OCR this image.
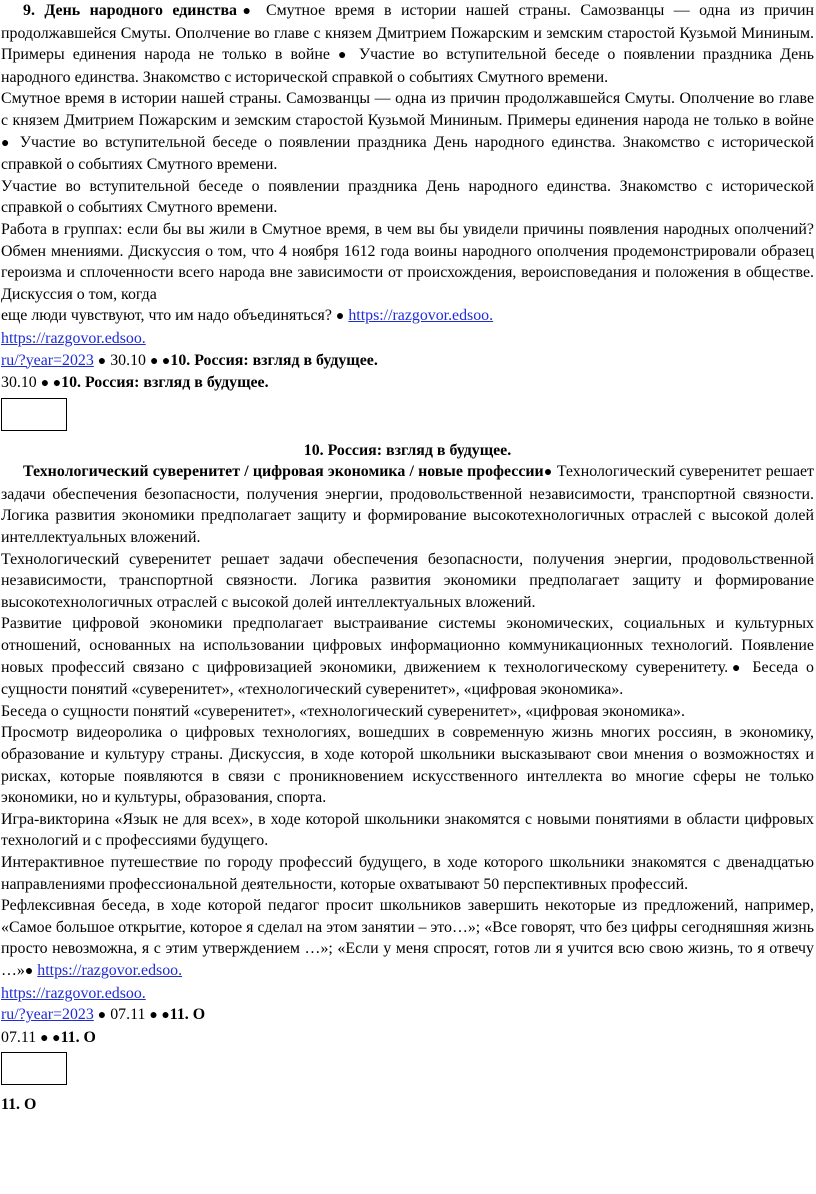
9. День народного единства● Смутное время в истории нашей страны. Самозванцы — одна из причин продолжавшейся Смуты. Ополчение во главе с князем Дмитрием Пожарским и земским старостой Кузьмой Мининым. Примеры единения народа не только в войне ● Участие во вступительной беседе о появлении праздника День народного единства. Знакомство с исторической справкой о событиях Смутного времени.

Смутное время в истории нашей страны. Самозванцы — одна из причин продолжавшейся Смуты. Ополчение во главе с князем Дмитрием Пожарским и земским старостой Кузьмой Мининым. Примеры единения народа не только в войне ● Участие во вступительной беседе о появлении праздника День народного единства. Знакомство с исторической справкой о событиях Смутного времени.

Участие во вступительной беседе о появлении праздника День народного единства. Знакомство с исторической справкой о событиях Смутного времени.

Работа в группах: если бы вы жили в Смутное время, в чем вы бы увидели причины появления народных ополчений? Обмен мнениями. Дискуссия о том, что 4 ноября 1612 года воины народного ополчения продемонстрировали образец героизма и сплоченности всего народа вне зависимости от происхождения, вероисповедания и положения в обществе. Дискуссия о том, когда

еще люди чувствуют, что им надо объединяться? ● https://razgovor.edsoo.

https://razgovor.edsoo.

ru/?year=2023 ● 30.10 ● ●10. Россия: взгляд в будущее.

30.10 ● ●10. Россия: взгляд в будущее.

10. Россия: взгляд в будущее.

Технологический суверенитет / цифровая экономика / новые профессии● Технологический суверенитет решает задачи обеспечения безопасности, получения энергии, продовольственной независимости, транспортной связности. Логика развития экономики предполагает защиту и формирование высокотехнологичных отраслей с высокой долей интеллектуальных вложений.

Технологический суверенитет решает задачи обеспечения безопасности, получения энергии, продовольственной независимости, транспортной связности. Логика развития экономики предполагает защиту и формирование высокотехнологичных отраслей с высокой долей интеллектуальных вложений.

Развитие цифровой экономики предполагает выстраивание системы экономических, социальных и культурных отношений, основанных на использовании цифровых информационно коммуникационных технологий. Появление новых профессий связано с цифровизацией экономики, движением к технологическому суверенитету.● Беседа о сущности понятий «суверенитет», «технологический суверенитет», «цифровая экономика».

Беседа о сущности понятий «суверенитет», «технологический суверенитет», «цифровая экономика».

Просмотр видеоролика о цифровых технологиях, вошедших в современную жизнь многих россиян, в экономику, образование и культуру страны. Дискуссия, в ходе которой школьники высказывают свои мнения о возможностях и рисках, которые появляются в связи с проникновением искусственного интеллекта во многие сферы не только экономики, но и культуры, образования, спорта.

Игра-викторина «Язык не для всех», в ходе которой школьники знакомятся с новыми понятиями в области цифровых технологий и с профессиями будущего.

Интерактивное путешествие по городу профессий будущего, в ходе которого школьники знакомятся с двенадцатью направлениями профессиональной деятельности, которые охватывают 50 перспективных профессий.

Рефлексивная беседа, в ходе которой педагог просит школьников завершить некоторые из предложений, например, «Самое большое открытие, которое я сделал на этом занятии – это…»; «Все говорят, что без цифры сегодняшняя жизнь просто невозможна, я с этим утверждением …»; «Если у меня спросят, готов ли я учится всю свою жизнь, то я отвечу …»● https://razgovor.edsoo.

https://razgovor.edsoo.

ru/?year=2023 ● 07.11 ● ●11. О

07.11 ● ●11. О

11. О
